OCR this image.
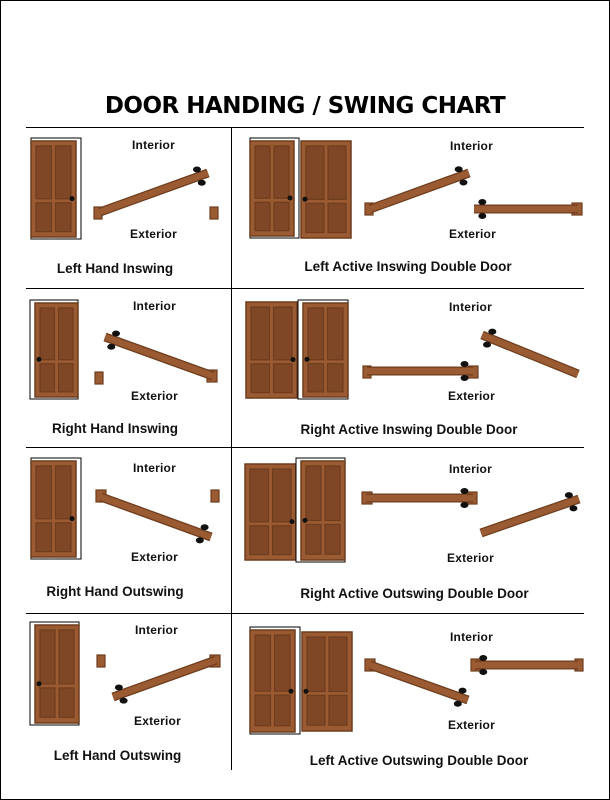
DOOR HANDING / SWING CHART
Interior
Exterior
Left Hand Inswing
Interior
Exterior
Left Active Inswing Double Door
Interior
Exterior
Right Hand Inswing
Interior
Exterior
Right Active Inswing Double Door
Interior
Exterior
Right Hand Outswing
Interior
Exterior
Right Active Outswing Double Door
Interior
Exterior
Left Hand Outswing
Interior
Exterior
Left Active Outswing Double Door
